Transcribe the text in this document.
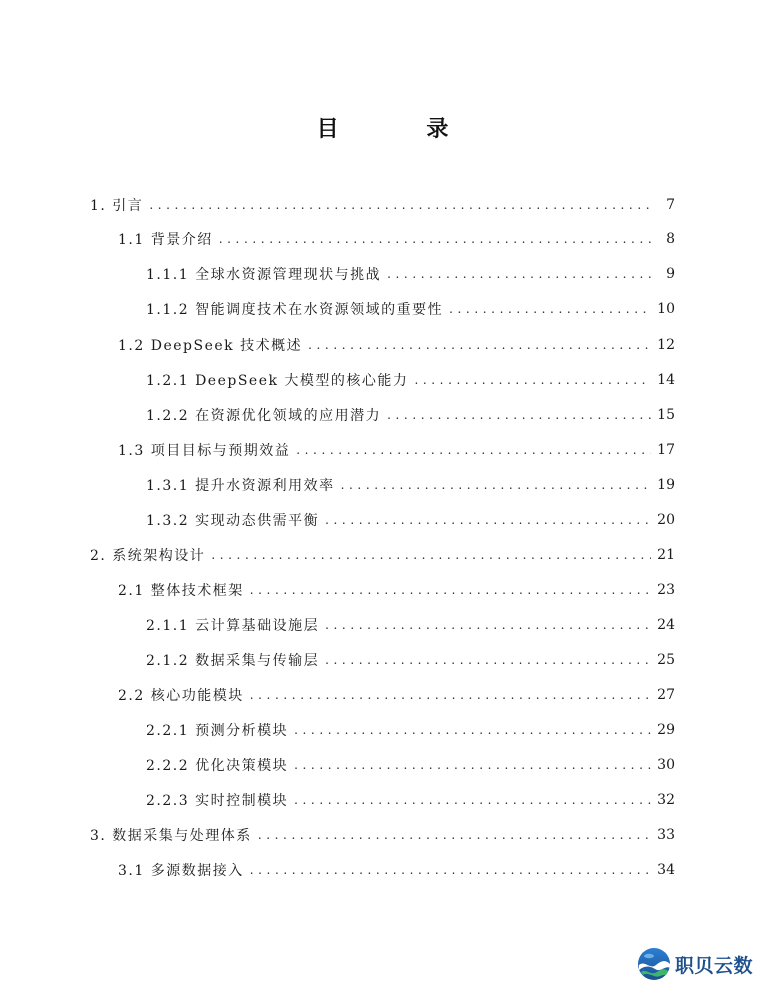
目 录
1. 引言 .....	7
1.1 背景介绍 .....	8
1.1.1 全球水资源管理现状与挑战 .....	9
1.1.2 智能调度技术在水资源领域的重要性 .....	10
1.2 DeepSeek 技术概述 .....	12
1.2.1 DeepSeek 大模型的核心能力 .....	14
1.2.2 在资源优化领域的应用潜力 .....	15
1.3 项目目标与预期效益 .....	17
1.3.1 提升水资源利用效率 .....	19
1.3.2 实现动态供需平衡 .....	20
2. 系统架构设计 .....	21
2.1 整体技术框架 .....	23
2.1.1 云计算基础设施层 .....	24
2.1.2 数据采集与传输层 .....	25
2.2 核心功能模块 .....	27
2.2.1 预测分析模块 .....	29
2.2.2 优化决策模块 .....	30
2.2.3 实时控制模块 .....	32
3. 数据采集与处理体系 .....	33
3.1 多源数据接入 .....	34
职贝云数
